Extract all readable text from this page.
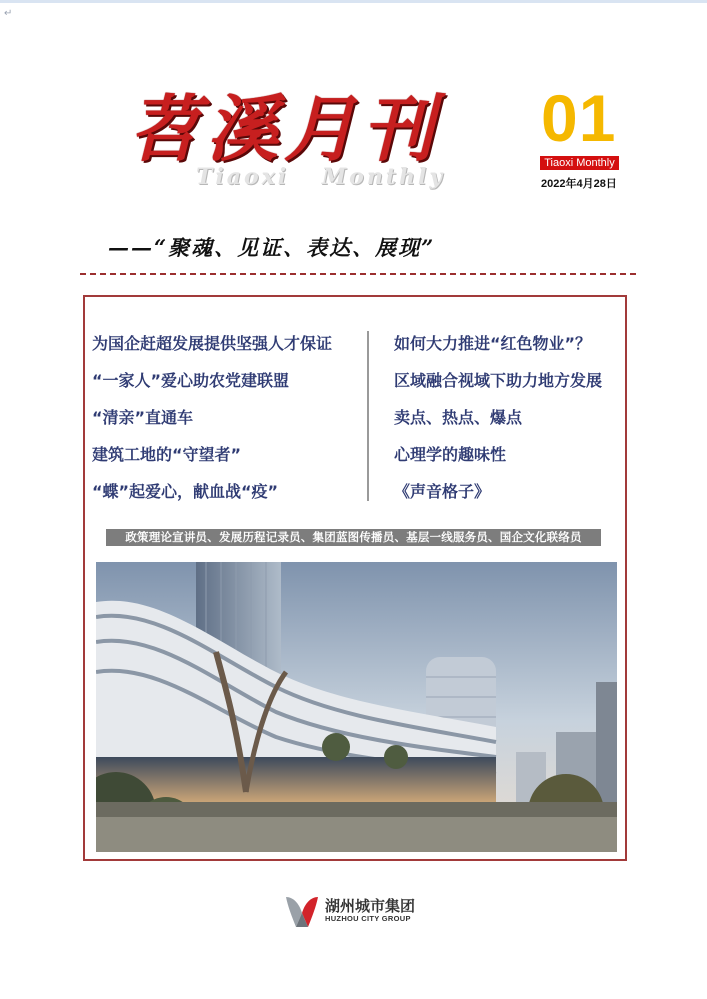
↵
苕溪月刊
Tiaoxi Monthly
01
Tiaoxi Monthly
2022年4月28日
——“聚魂、见证、表达、展现”
为国企赶超发展提供坚强人才保证
“一家人”爱心助农党建联盟
“清亲”直通车
建筑工地的“守望者”
“蝶”起爱心，献血战“疫”
如何大力推进“红色物业”？
区域融合视域下助力地方发展
卖点、热点、爆点
心理学的趣味性
《声音格子》
政策理论宣讲员、发展历程记录员、集团蓝图传播员、基层一线服务员、国企文化联络员
湖州城市集团
HUZHOU CITY GROUP
